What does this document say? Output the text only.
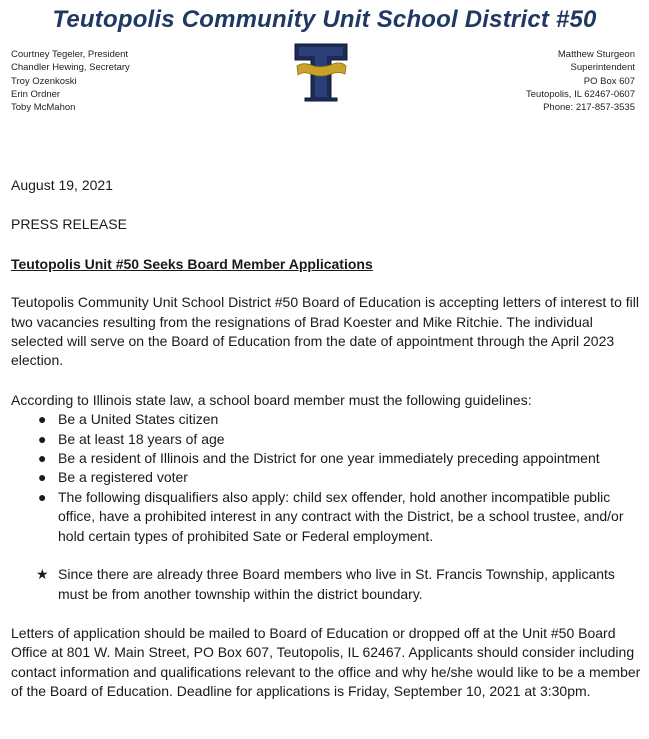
Teutopolis Community Unit School District #50
Courtney Tegeler, President
Chandler Hewing, Secretary
Troy Ozenkoski
Erin Ordner
Toby McMahon
Matthew Sturgeon
Superintendent
PO Box 607
Teutopolis, IL 62467-0607
Phone: 217-857-3535
August 19, 2021
PRESS RELEASE
Teutopolis Unit #50 Seeks Board Member Applications
Teutopolis Community Unit School District #50 Board of Education is accepting letters of interest to fill two vacancies resulting from the resignations of Brad Koester and Mike Ritchie. The individual selected will serve on the Board of Education from the date of appointment through the April 2023 election.
According to Illinois state law, a school board member must the following guidelines:
● Be a United States citizen
● Be at least 18 years of age
● Be a resident of Illinois and the District for one year immediately preceding appointment
● Be a registered voter
● The following disqualifiers also apply: child sex offender, hold another incompatible public office, have a prohibited interest in any contract with the District, be a school trustee, and/or hold certain types of prohibited Sate or Federal employment.
★ Since there are already three Board members who live in St. Francis Township, applicants must be from another township within the district boundary.
Letters of application should be mailed to Board of Education or dropped off at the Unit #50 Board Office at 801 W. Main Street, PO Box 607, Teutopolis, IL 62467. Applicants should consider including contact information and qualifications relevant to the office and why he/she would like to be a member of the Board of Education. Deadline for applications is Friday, September 10, 2021 at 3:30pm.
